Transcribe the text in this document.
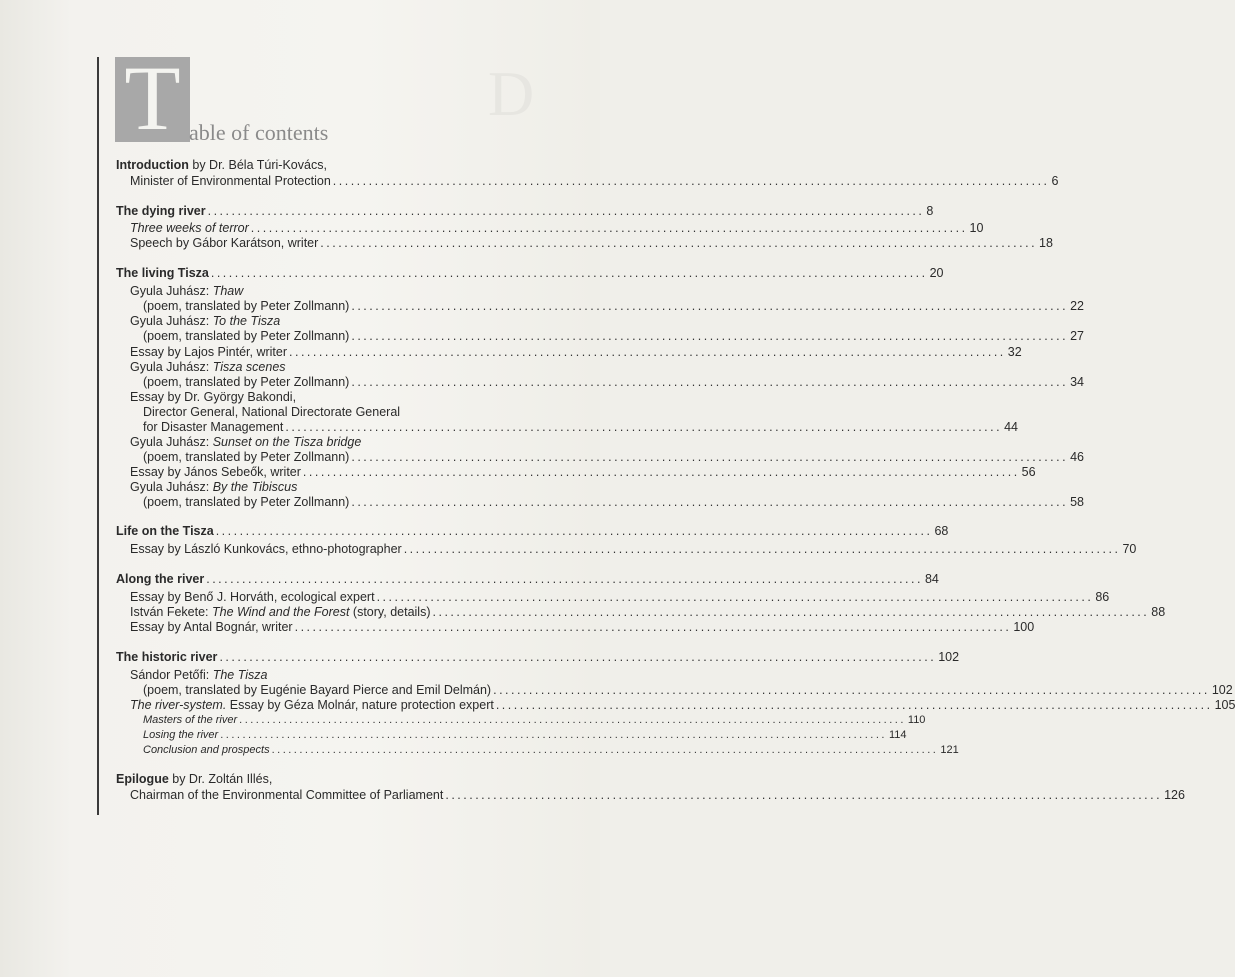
D
T able of contents
Introduction by Dr. Béla Túri-Kovács,
Minister of Environmental Protection ........................................................................................................................ 6
The dying river ........................................................................................................................ 8
Three weeks of terror ........................................................................................................................ 10
Speech by Gábor Karátson, writer ........................................................................................................................ 18
The living Tisza ........................................................................................................................ 20
Gyula Juhász: Thaw
(poem, translated by Peter Zollmann) ........................................................................................................................ 22
Gyula Juhász: To the Tisza
(poem, translated by Peter Zollmann) ........................................................................................................................ 27
Essay by Lajos Pintér, writer ........................................................................................................................ 32
Gyula Juhász: Tisza scenes
(poem, translated by Peter Zollmann) ........................................................................................................................ 34
Essay by Dr. György Bakondi,
Director General, National Directorate General
for Disaster Management ........................................................................................................................ 44
Gyula Juhász: Sunset on the Tisza bridge
(poem, translated by Peter Zollmann) ........................................................................................................................ 46
Essay by János Sebeők, writer ........................................................................................................................ 56
Gyula Juhász: By the Tibiscus
(poem, translated by Peter Zollmann) ........................................................................................................................ 58
Life on the Tisza ........................................................................................................................ 68
Essay by László Kunkovács, ethno-photographer ........................................................................................................................ 70
Along the river ........................................................................................................................ 84
Essay by Benő J. Horváth, ecological expert ........................................................................................................................ 86
István Fekete: The Wind and the Forest (story, details) ........................................................................................................................ 88
Essay by Antal Bognár, writer ........................................................................................................................ 100
The historic river ........................................................................................................................ 102
Sándor Petőfi: The Tisza
(poem, translated by Eugénie Bayard Pierce and Emil Delmán) ........................................................................................................................ 102
The river-system. Essay by Géza Molnár, nature protection expert ........................................................................................................................ 105
Masters of the river ........................................................................................................................ 110
Losing the river ........................................................................................................................ 114
Conclusion and prospects ........................................................................................................................ 121
Epilogue by Dr. Zoltán Illés,
Chairman of the Environmental Committee of Parliament ........................................................................................................................ 126
